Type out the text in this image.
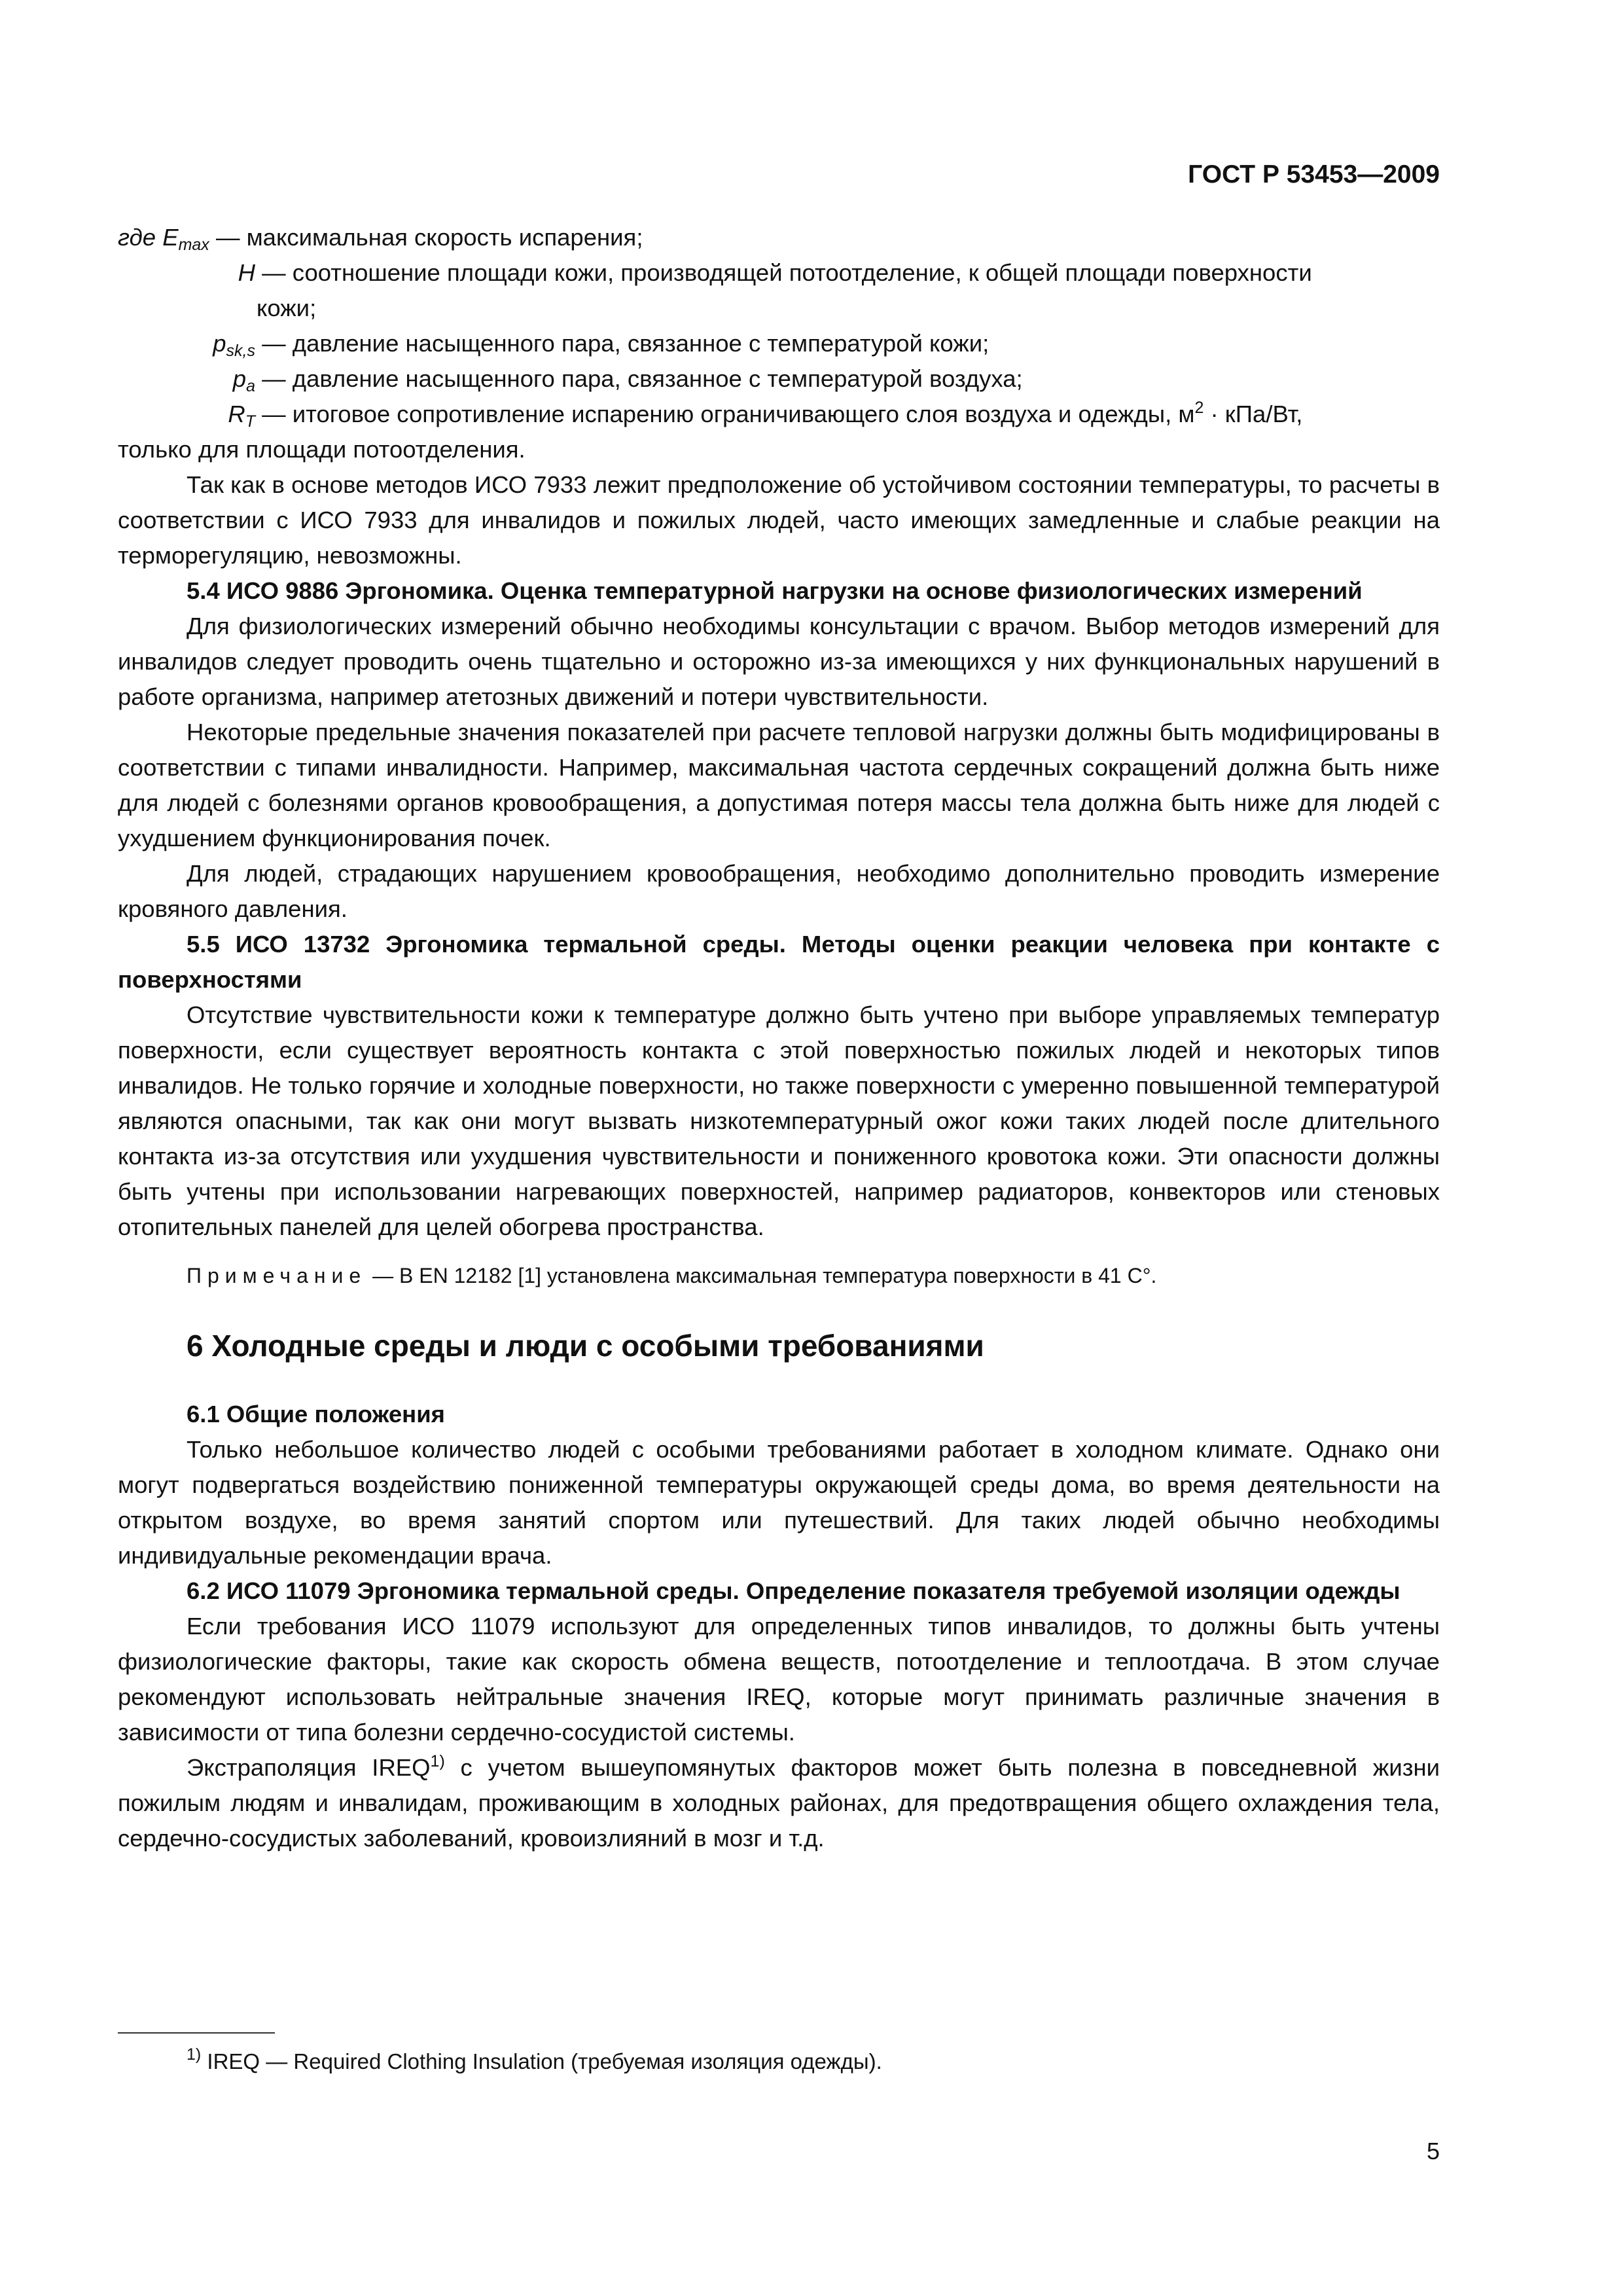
ГОСТ Р 53453—2009
где $E_{max}$ — максимальная скорость испарения;
H — соотношение площади кожи, производящей потоотделение, к общей площади поверхности
кожи;
$p_{sk,s}$ — давление насыщенного пара, связанное с температурой кожи;
$p_a$ — давление насыщенного пара, связанное с температурой воздуха;
$R_T$ — итоговое сопротивление испарению ограничивающего слоя воздуха и одежды, $м^2 \cdot кПа/Вт$,

только для площади потоотделения.

Так как в основе методов ИСО 7933 лежит предположение об устойчивом состоянии температуры, то расчеты в соответствии с ИСО 7933 для инвалидов и пожилых людей, часто имеющих замедленные и слабые реакции на терморегуляцию, невозможны.

5.4 ИСО 9886 Эргономика. Оценка температурной нагрузки на основе физиологических измерений

Для физиологических измерений обычно необходимы консультации с врачом. Выбор методов измерений для инвалидов следует проводить очень тщательно и осторожно из-за имеющихся у них функциональных нарушений в работе организма, например атетозных движений и потери чувствительности.

Некоторые предельные значения показателей при расчете тепловой нагрузки должны быть модифицированы в соответствии с типами инвалидности. Например, максимальная частота сердечных сокращений должна быть ниже для людей с болезнями органов кровообращения, а допустимая потеря массы тела должна быть ниже для людей с ухудшением функционирования почек.

Для людей, страдающих нарушением кровообращения, необходимо дополнительно проводить измерение кровяного давления.

5.5 ИСО 13732 Эргономика термальной среды. Методы оценки реакции человека при контакте с поверхностями

Отсутствие чувствительности кожи к температуре должно быть учтено при выборе управляемых температур поверхности, если существует вероятность контакта с этой поверхностью пожилых людей и некоторых типов инвалидов. Не только горячие и холодные поверхности, но также поверхности с умеренно повышенной температурой являются опасными, так как они могут вызвать низкотемпературный ожог кожи таких людей после длительного контакта из-за отсутствия или ухудшения чувствительности и пониженного кровотока кожи. Эти опасности должны быть учтены при использовании нагревающих поверхностей, например радиаторов, конвекторов или стеновых отопительных панелей для целей обогрева пространства.

Примечание — В EN 12182 [1] установлена максимальная температура поверхности в 41 C°.

6 Холодные среды и люди с особыми требованиями
6.1 Общие положения

Только небольшое количество людей с особыми требованиями работает в холодном климате. Однако они могут подвергаться воздействию пониженной температуры окружающей среды дома, во время деятельности на открытом воздухе, во время занятий спортом или путешествий. Для таких людей обычно необходимы индивидуальные рекомендации врача.

6.2 ИСО 11079 Эргономика термальной среды. Определение показателя требуемой изоляции одежды

Если требования ИСО 11079 используют для определенных типов инвалидов, то должны быть учтены физиологические факторы, такие как скорость обмена веществ, потоотделение и теплоотдача. В этом случае рекомендуют использовать нейтральные значения IREQ, которые могут принимать различные значения в зависимости от типа болезни сердечно-сосудистой системы.

Экстраполяция IREQ$^{1)}$ с учетом вышеупомянутых факторов может быть полезна в повседневной жизни пожилым людям и инвалидам, проживающим в холодных районах, для предотвращения общего охлаждения тела, сердечно-сосудистых заболеваний, кровоизлияний в мозг и т.д.

$^{1)}$ IREQ — Required Clothing Insulation (требуемая изоляция одежды).
5
